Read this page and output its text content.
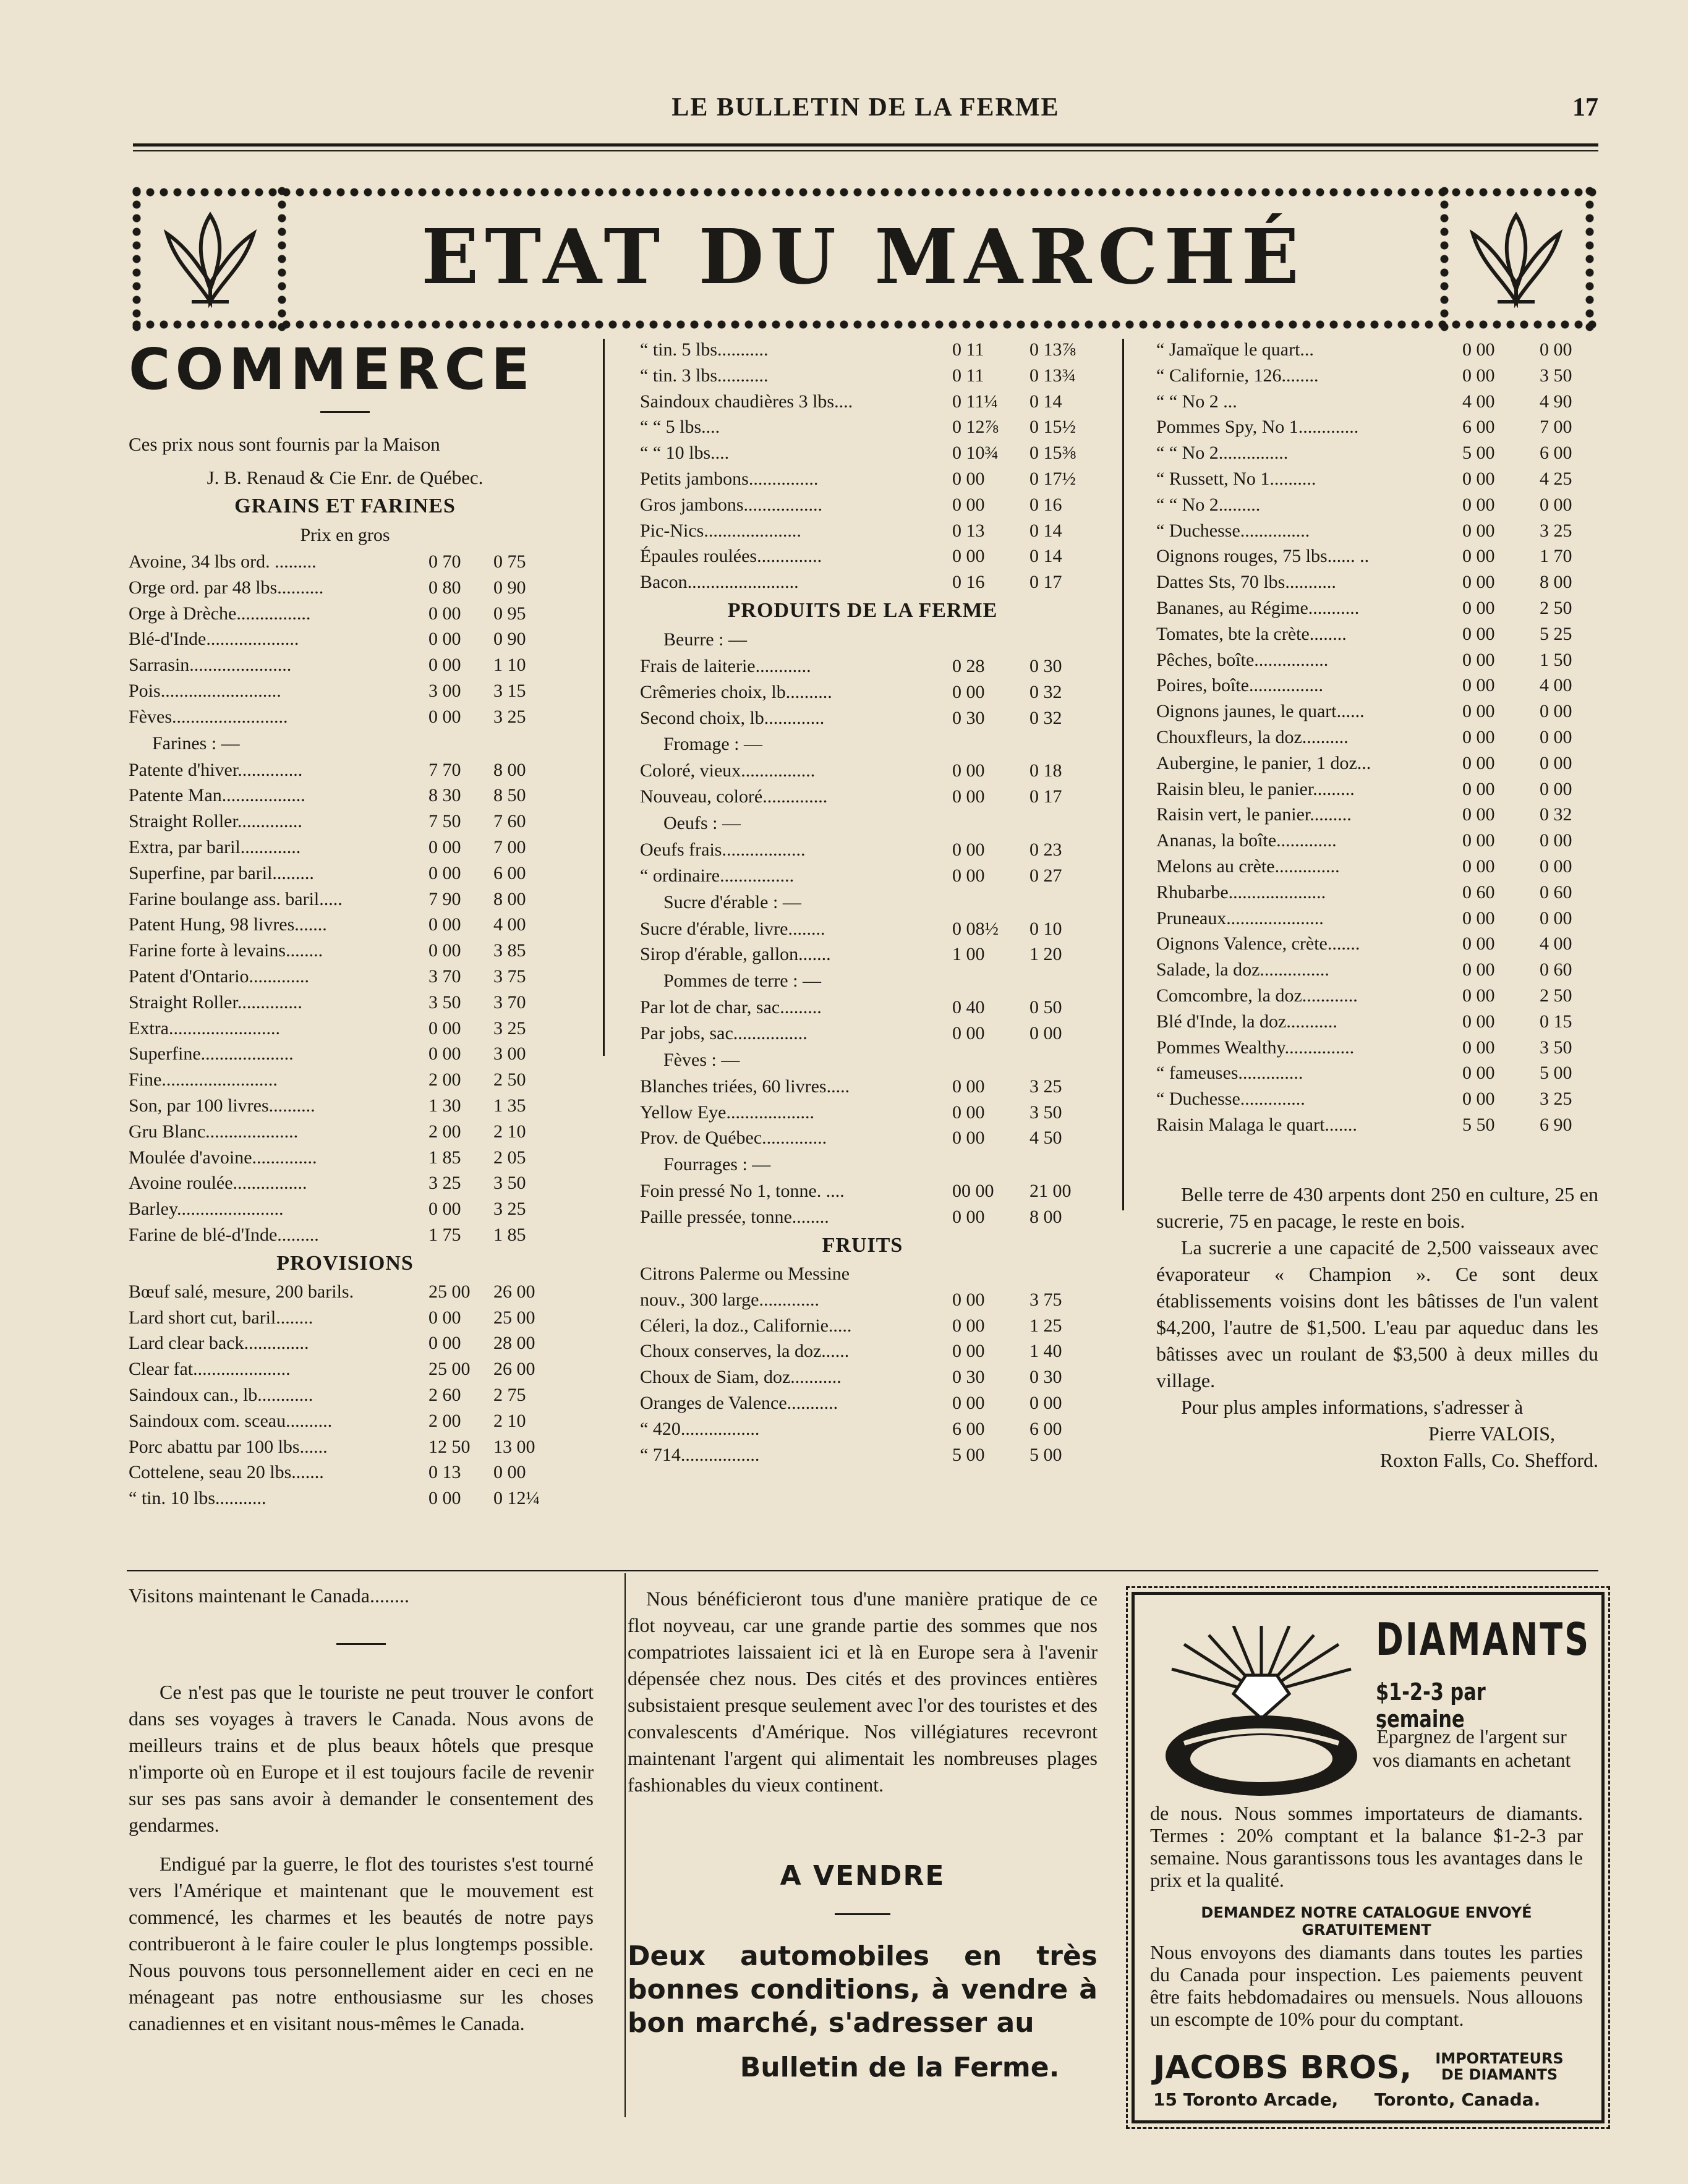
LE BULLETIN DE LA FERME	17
ETAT DU MARCHÉ
COMMERCE

Ces prix nous sont fournis par la Maison

J. B. Renaud & Cie Enr. de Québec.

GRAINS ET FARINES

Prix en gros

Avoine, 34 lbs ord. .........	0 70	0 75
Orge ord. par 48 lbs..........	0 80	0 90
Orge à Drèche................	0 00	0 95
Blé-d'Inde....................	0 00	0 90
Sarrasin......................	0 00	1 10
Pois..........................	3 00	3 15
Fèves.........................	0 00	3 25

Farines : —

Patente d'hiver..............	7 70	8 00
Patente Man..................	8 30	8 50
Straight Roller..............	7 50	7 60
Extra, par baril.............	0 00	7 00
Superfine, par baril.........	0 00	6 00
Farine boulange ass. baril.....	7 90	8 00
Patent Hung, 98 livres.......	0 00	4 00
Farine forte à levains........	0 00	3 85
Patent d'Ontario.............	3 70	3 75
Straight Roller..............	3 50	3 70
Extra........................	0 00	3 25
Superfine....................	0 00	3 00
Fine.........................	2 00	2 50
Son, par 100 livres..........	1 30	1 35
Gru Blanc....................	2 00	2 10
Moulée d'avoine..............	1 85	2 05
Avoine roulée................	3 25	3 50
Barley.......................	0 00	3 25
Farine de blé-d'Inde.........	1 75	1 85

PROVISIONS

Bœuf salé, mesure, 200 barils.	25 00	26 00
Lard short cut, baril........	0 00	25 00
Lard clear back..............	0 00	28 00
Clear fat.....................	25 00	26 00
Saindoux can., lb............	2 60	2 75
Saindoux com. sceau..........	2 00	2 10
Porc abattu par 100 lbs......	12 50	13 00
Cottelene, seau 20 lbs.......	0 13	0 00
“ tin. 10 lbs...........	0 00	0 12¼
“ tin. 5 lbs...........	0 11	0 13⅞
“ tin. 3 lbs...........	0 11	0 13¾
Saindoux chaudières 3 lbs....	0 11¼	0 14
“ “ 5 lbs....	0 12⅞	0 15½
“ “ 10 lbs....	0 10¾	0 15⅜
Petits jambons...............	0 00	0 17½
Gros jambons.................	0 00	0 16
Pic-Nics.....................	0 13	0 14
Épaules roulées..............	0 00	0 14
Bacon........................	0 16	0 17

PRODUITS DE LA FERME

Beurre : —

Frais de laiterie............	0 28	0 30
Crêmeries choix, lb..........	0 00	0 32
Second choix, lb.............	0 30	0 32

Fromage : —

Coloré, vieux................	0 00	0 18
Nouveau, coloré..............	0 00	0 17

Oeufs : —

Oeufs frais..................	0 00	0 23
“ ordinaire................	0 00	0 27

Sucre d'érable : —

Sucre d'érable, livre........	0 08½	0 10
Sirop d'érable, gallon.......	1 00	1 20

Pommes de terre : —

Par lot de char, sac.........	0 40	0 50
Par jobs, sac................	0 00	0 00

Fèves : —

Blanches triées, 60 livres.....	0 00	3 25
Yellow Eye...................	0 00	3 50
Prov. de Québec..............	0 00	4 50

Fourrages : —

Foin pressé No 1, tonne. ....	00 00	21 00
Paille pressée, tonne........	0 00	8 00

FRUITS

Citrons Palerme ou Messine

nouv., 300 large.............	0 00	3 75
Céleri, la doz., Californie.....	0 00	1 25
Choux conserves, la doz......	0 00	1 40
Choux de Siam, doz...........	0 30	0 30
Oranges de Valence...........	0 00	0 00
“ 420.................	6 00	6 00
“ 714.................	5 00	5 00
“ Jamaïque le quart...	0 00	0 00
“ Californie, 126........	0 00	3 50
“ “ No 2 ...	4 00	4 90
Pommes Spy, No 1.............	6 00	7 00
“ “ No 2...............	5 00	6 00
“ Russett, No 1..........	0 00	4 25
“ “ No 2.........	0 00	0 00
“ Duchesse...............	0 00	3 25
Oignons rouges, 75 lbs...... ..	0 00	1 70
Dattes Sts, 70 lbs...........	0 00	8 00
Bananes, au Régime...........	0 00	2 50
Tomates, bte la crète........	0 00	5 25
Pêches, boîte................	0 00	1 50
Poires, boîte................	0 00	4 00
Oignons jaunes, le quart......	0 00	0 00
Chouxfleurs, la doz..........	0 00	0 00
Aubergine, le panier, 1 doz...	0 00	0 00
Raisin bleu, le panier.........	0 00	0 00
Raisin vert, le panier.........	0 00	0 32
Ananas, la boîte.............	0 00	0 00
Melons au crète..............	0 00	0 00
Rhubarbe.....................	0 60	0 60
Pruneaux.....................	0 00	0 00
Oignons Valence, crète.......	0 00	4 00
Salade, la doz...............	0 00	0 60
Comcombre, la doz............	0 00	2 50
Blé d'Inde, la doz...........	0 00	0 15
Pommes Wealthy...............	0 00	3 50
“ fameuses..............	0 00	5 00
“ Duchesse..............	0 00	3 25
Raisin Malaga le quart.......	5 50	6 90

Belle terre de 430 arpents dont 250 en culture, 25 en sucrerie, 75 en pacage, le reste en bois.

La sucrerie a une capacité de 2,500 vaisseaux avec évaporateur « Champion ». Ce sont deux établissements voisins dont les bâtisses de l'un valent $4,200, l'autre de $1,500. L'eau par aqueduc dans les bâtisses avec un roulant de $3,500 à deux milles du village.

Pour plus amples informations, s'adresser à

Pierre VALOIS,

Roxton Falls, Co. Shefford.

Visitons maintenant le Canada........

Ce n'est pas que le touriste ne peut trouver le confort dans ses voyages à travers le Canada. Nous avons de meilleurs trains et de plus beaux hôtels que presque n'importe où en Europe et il est toujours facile de revenir sur ses pas sans avoir à demander le consentement des gendarmes.

Endigué par la guerre, le flot des touristes s'est tourné vers l'Amérique et maintenant que le mouvement est commencé, les charmes et les beautés de notre pays contribueront à le faire couler le plus longtemps possible. Nous pouvons tous personnellement aider en ceci en ne ménageant pas notre enthousiasme sur les choses canadiennes et en visitant nous-mêmes le Canada.

Nous bénéficieront tous d'une manière pratique de ce flot noyveau, car une grande partie des sommes que nos compatriotes laissaient ici et là en Europe sera à l'avenir dépensée chez nous. Des cités et des provinces entières subsistaient presque seulement avec l'or des touristes et des convalescents d'Amérique. Nos villégiatures recevront maintenant l'argent qui alimentait les nombreuses plages fashionables du vieux continent.

A VENDRE

Deux automobiles en très bonnes conditions, à vendre à bon marché, s'adresser au

Bulletin de la Ferme.

DIAMANTS
$1-2-3 par semaine
Épargnez de l'argent sur vos diamants en achetant
de nous. Nous sommes importateurs de diamants. Termes : 20% comptant et la balance $1-2-3 par semaine. Nous garantissons tous les avantages dans le prix et la qualité.
DEMANDEZ NOTRE CATALOGUE ENVOYÉ GRATUITEMENT
Nous envoyons des diamants dans toutes les parties du Canada pour inspection. Les paiements peuvent être faits hebdomadaires ou mensuels. Nous allouons un escompte de 10% pour du comptant.
JACOBS BROS,	IMPORTATEURS
DE DIAMANTS
15 Toronto Arcade,      Toronto, Canada.
